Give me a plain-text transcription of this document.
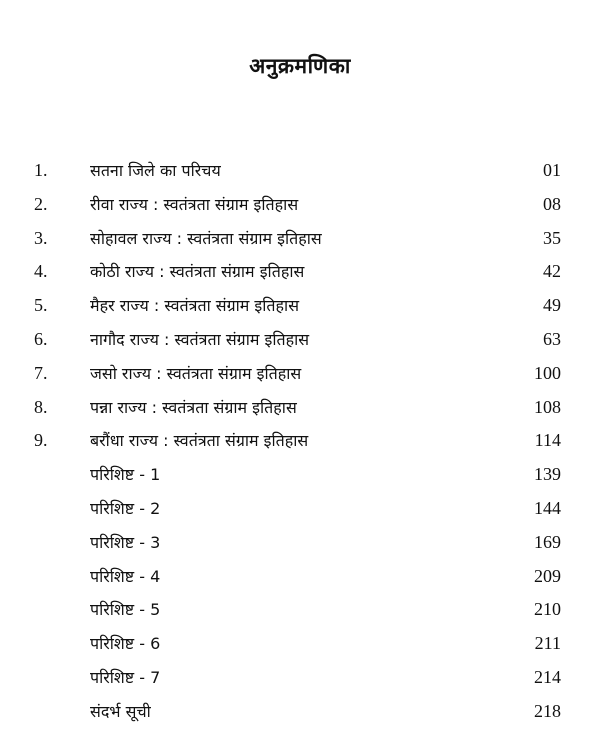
अनुक्रमणिका
1.	सतना जिले का परिचय	01
2.	रीवा राज्य : स्वतंत्रता संग्राम इतिहास	08
3.	सोहावल राज्य : स्वतंत्रता संग्राम इतिहास	35
4.	कोठी राज्य : स्वतंत्रता संग्राम इतिहास	42
5.	मैहर राज्य : स्वतंत्रता संग्राम इतिहास	49
6.	नागौद राज्य : स्वतंत्रता संग्राम इतिहास	63
7.	जसो राज्य : स्वतंत्रता संग्राम इतिहास	100
8.	पन्ना राज्य : स्वतंत्रता संग्राम इतिहास	108
9.	बरौंधा राज्य : स्वतंत्रता संग्राम इतिहास	114
परिशिष्ट - 1	139
परिशिष्ट - 2	144
परिशिष्ट - 3	169
परिशिष्ट - 4	209
परिशिष्ट - 5	210
परिशिष्ट - 6	211
परिशिष्ट - 7	214
संदर्भ सूची	218
